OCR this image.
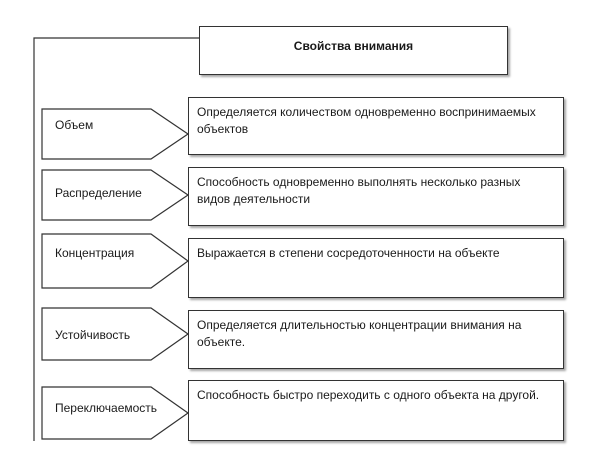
Свойства внимания
Объем
Распределение
Концентрация
Устойчивость
Переключаемость
Определяется количеством одновременно воспринимаемых объектов
Способность одновременно выполнять несколько разных видов деятельности
Выражается в степени сосредоточенности на объекте
Определяется длительностью концентрации внимания на объекте.
Способность быстро переходить с одного объекта на другой.
